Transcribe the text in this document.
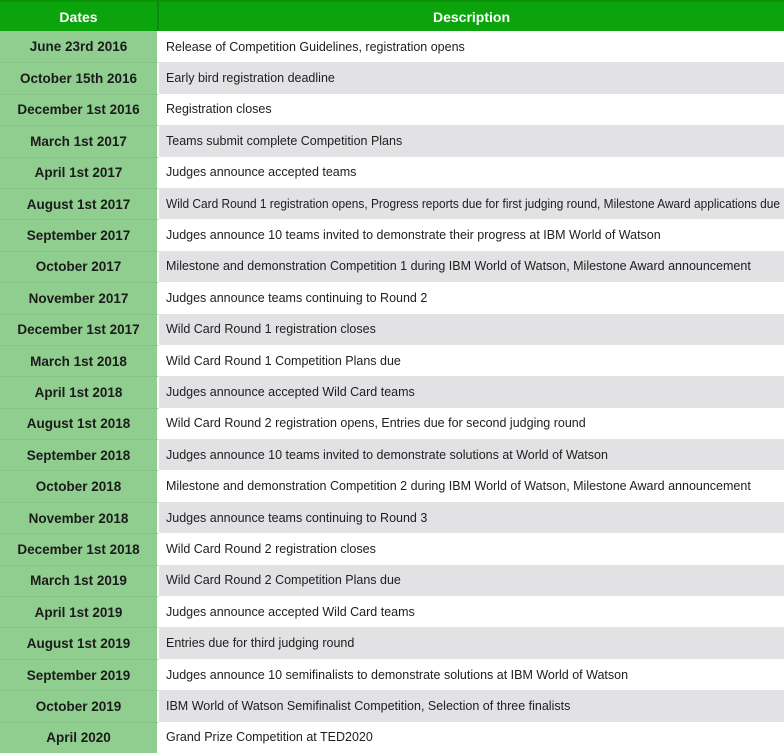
Dates	Description
June 23rd 2016	Release of Competition Guidelines, registration opens
October 15th 2016	Early bird registration deadline
December 1st 2016	Registration closes
March 1st 2017	Teams submit complete Competition Plans
April 1st 2017	Judges announce accepted teams
August 1st 2017	Wild Card Round 1 registration opens, Progress reports due for first judging round, Milestone Award applications due
September 2017	Judges announce 10 teams invited to demonstrate their progress at IBM World of Watson
October 2017	Milestone and demonstration Competition 1 during IBM World of Watson, Milestone Award announcement
November 2017	Judges announce teams continuing to Round 2
December 1st 2017	Wild Card Round 1 registration closes
March 1st 2018	Wild Card Round 1 Competition Plans due
April 1st 2018	Judges announce accepted Wild Card teams
August 1st 2018	Wild Card Round 2 registration opens, Entries due for second judging round
September 2018	Judges announce 10 teams invited to demonstrate solutions at World of Watson
October 2018	Milestone and demonstration Competition 2 during IBM World of Watson, Milestone Award announcement
November 2018	Judges announce teams continuing to Round 3
December 1st 2018	Wild Card Round 2 registration closes
March 1st 2019	Wild Card Round 2 Competition Plans due
April 1st 2019	Judges announce accepted Wild Card teams
August 1st 2019	Entries due for third judging round
September 2019	Judges announce 10 semifinalists to demonstrate solutions at IBM World of Watson
October 2019	IBM World of Watson Semifinalist Competition, Selection of three finalists
April 2020	Grand Prize Competition at TED2020
